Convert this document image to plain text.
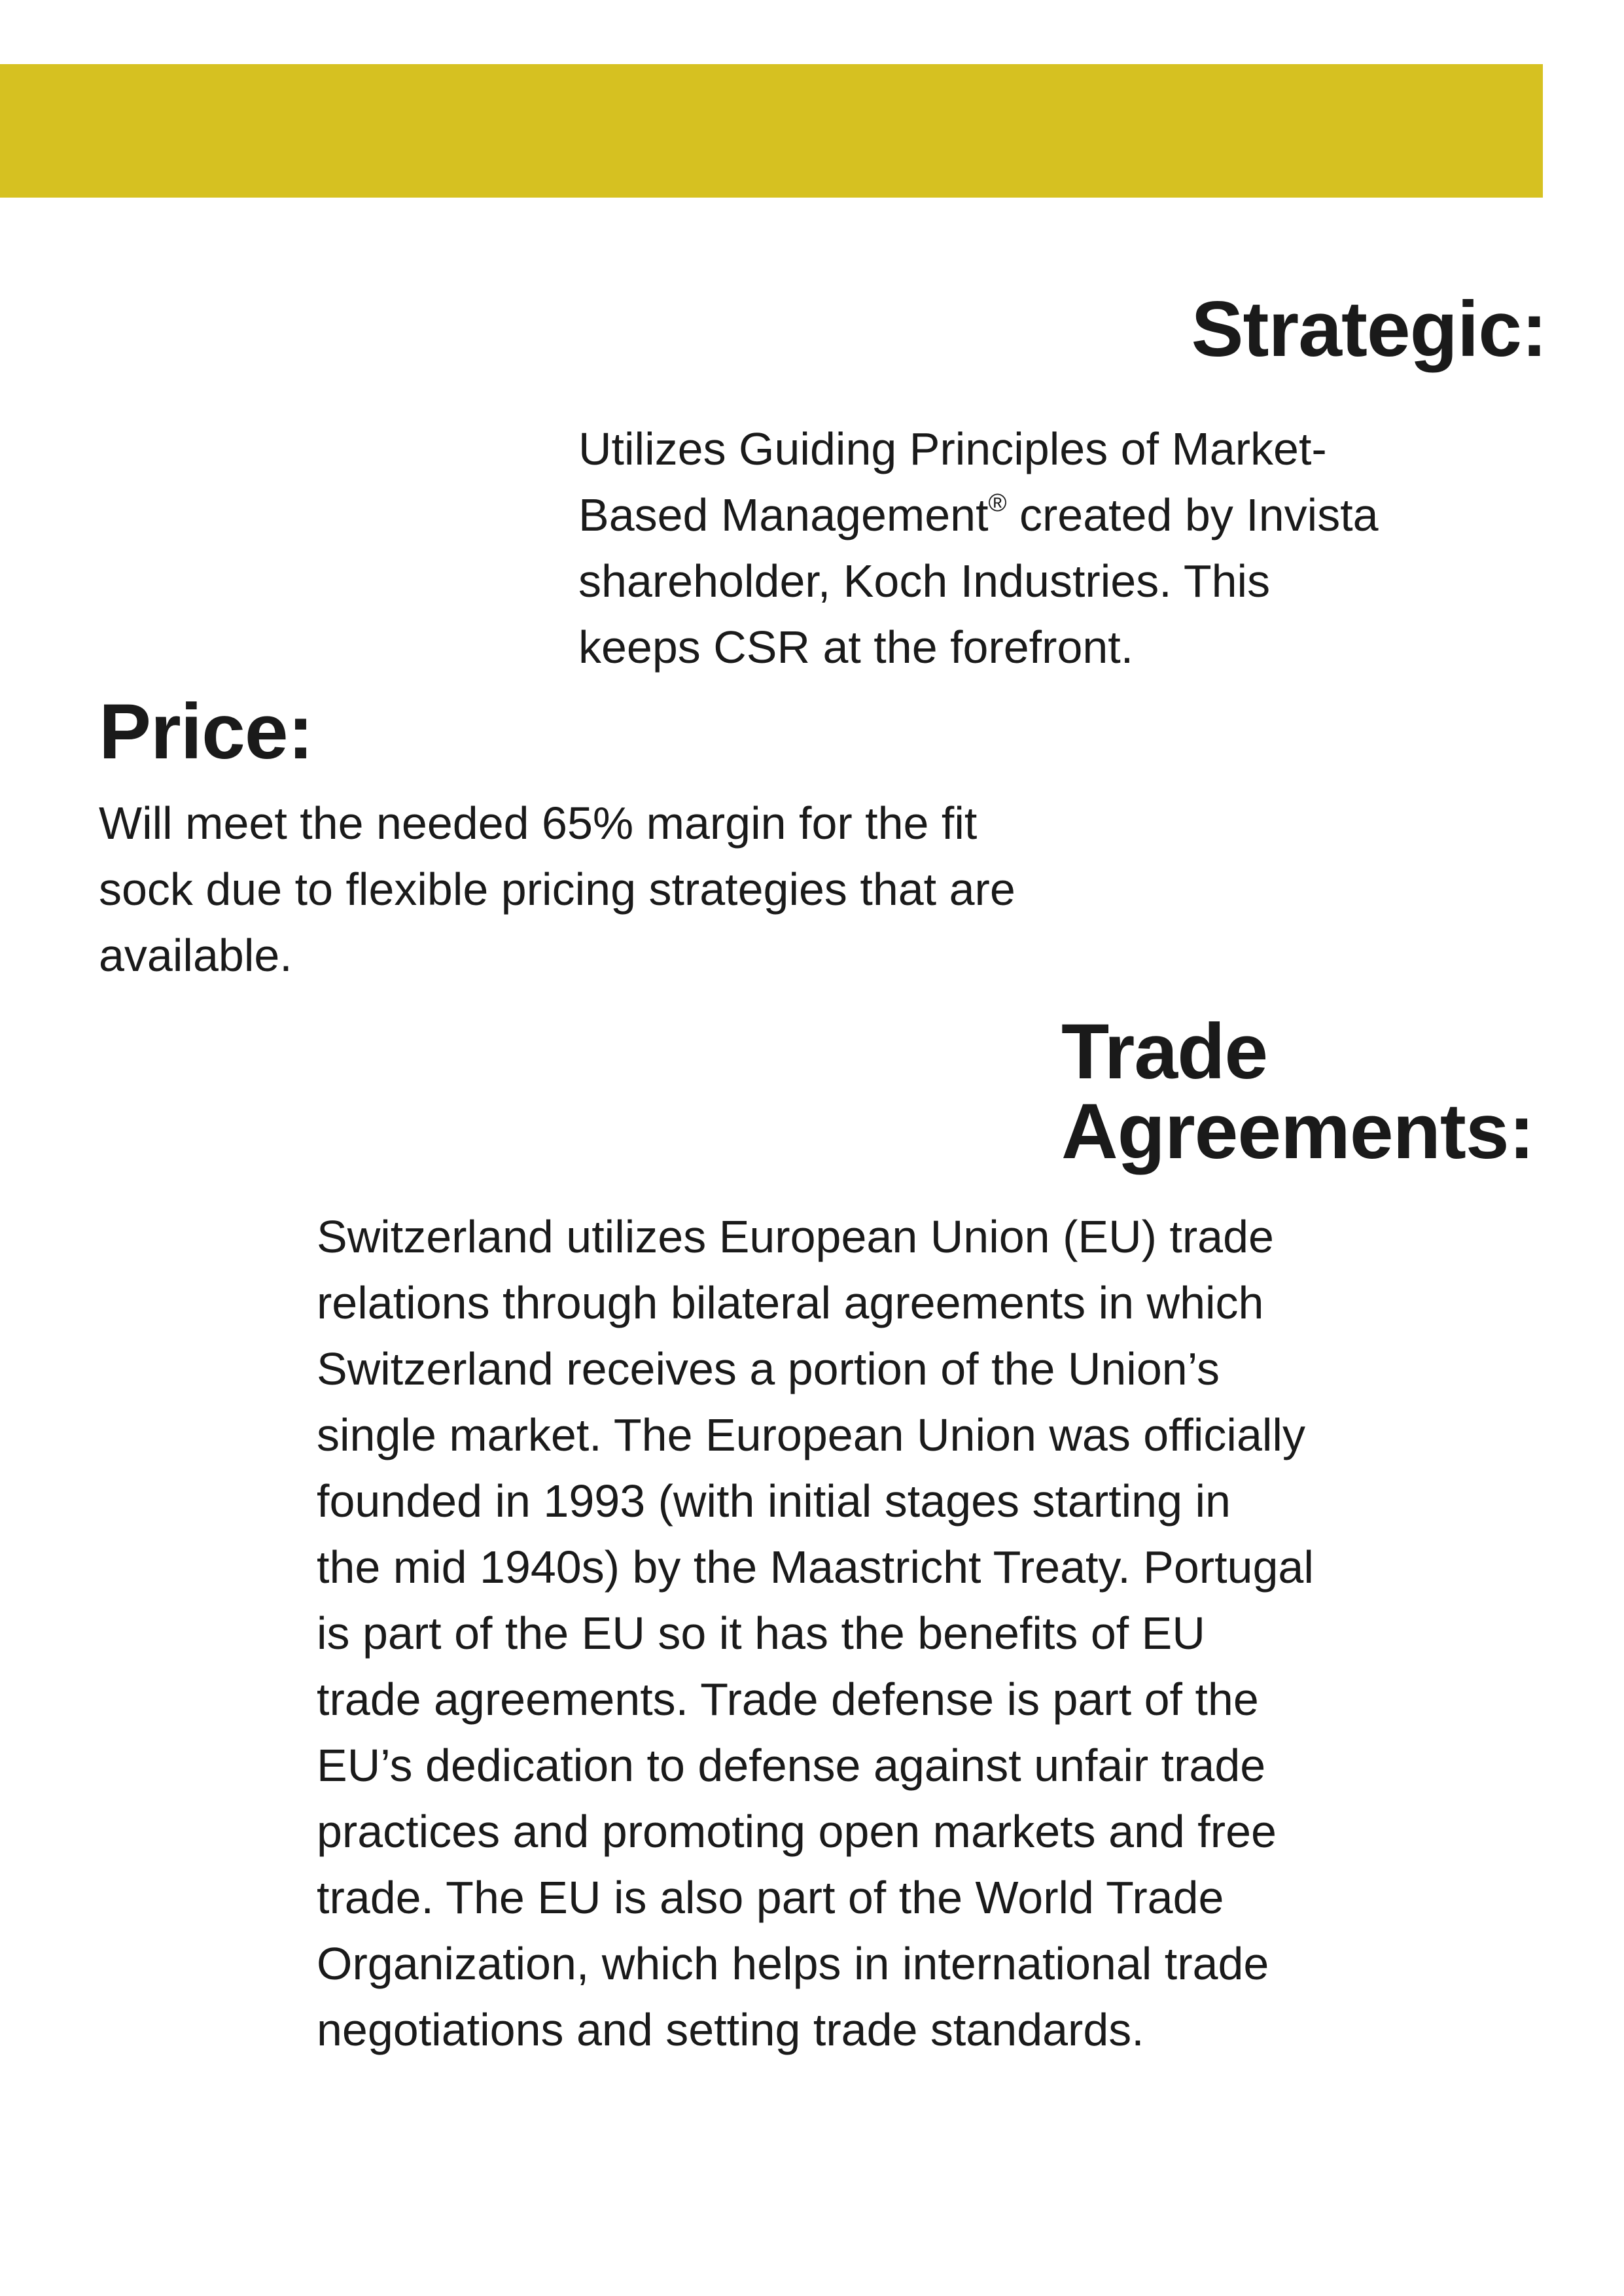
Strategic:

Utilizes Guiding Principles of Market-
Based Management® created by Invista
shareholder, Koch Industries. This
keeps CSR at the forefront.

Price:

Will meet the needed 65% margin for the fit
sock due to flexible pricing strategies that are
available.

Trade
Agreements:

Switzerland utilizes European Union (EU) trade
relations through bilateral agreements in which
Switzerland receives a portion of the Union’s
single market. The European Union was officially
founded in 1993 (with initial stages starting in
the mid 1940s) by the Maastricht Treaty. Portugal
is part of the EU so it has the benefits of EU
trade agreements. Trade defense is part of the
EU’s dedication to defense against unfair trade
practices and promoting open markets and free
trade. The EU is also part of the World Trade
Organization, which helps in international trade
negotiations and setting trade standards.
